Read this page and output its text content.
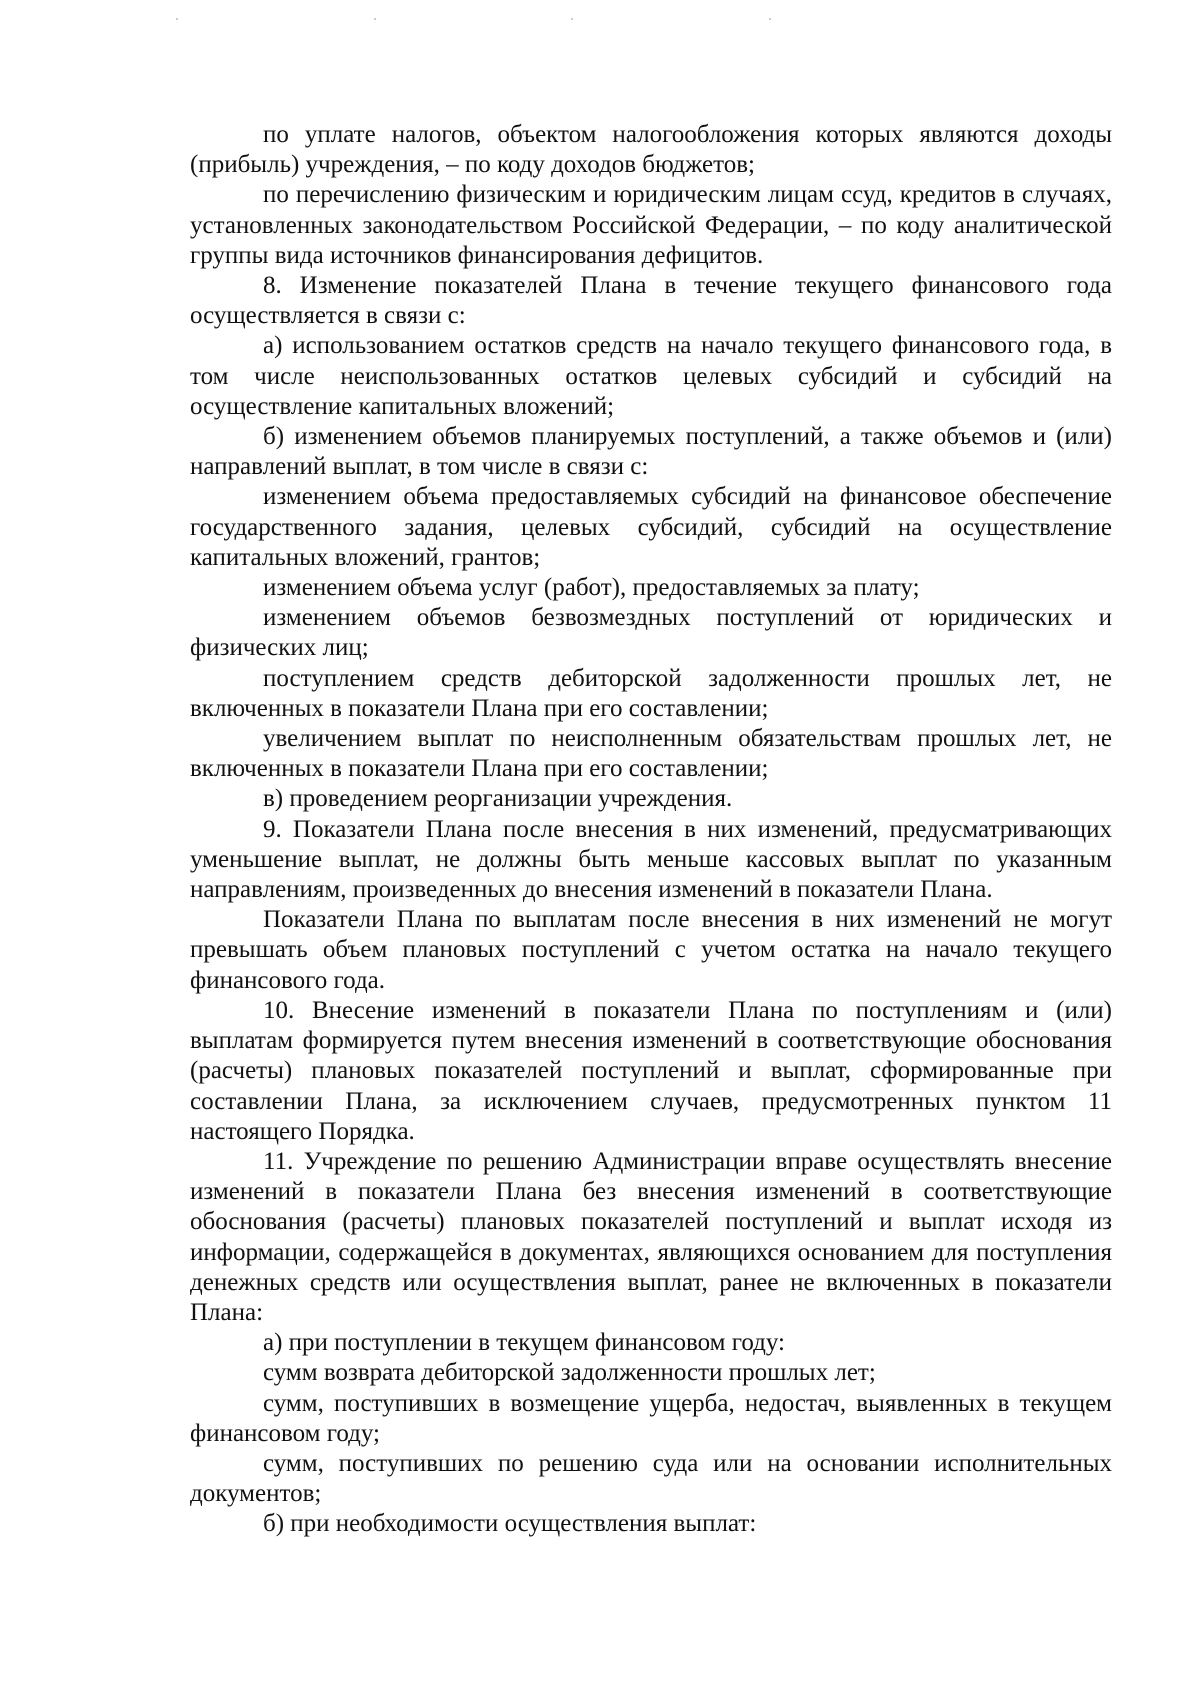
по уплате налогов, объектом налогообложения которых являются доходы (прибыль) учреждения, – по коду доходов бюджетов;

по перечислению физическим и юридическим лицам ссуд, кредитов в случаях, установленных законодательством Российской Федерации, – по коду аналитической группы вида источников финансирования дефицитов.

8. Изменение показателей Плана в течение текущего финансового года осуществляется в связи с:

а) использованием остатков средств на начало текущего финансового года, в том числе неиспользованных остатков целевых субсидий и субсидий на осуществление капитальных вложений;

б) изменением объемов планируемых поступлений, а также объемов и (или) направлений выплат, в том числе в связи с:

изменением объема предоставляемых субсидий на финансовое обеспечение государственного задания, целевых субсидий, субсидий на осуществление капитальных вложений, грантов;

изменением объема услуг (работ), предоставляемых за плату;

изменением объемов безвозмездных поступлений от юридических и физических лиц;

поступлением средств дебиторской задолженности прошлых лет, не включенных в показатели Плана при его составлении;

увеличением выплат по неисполненным обязательствам прошлых лет, не включенных в показатели Плана при его составлении;

в) проведением реорганизации учреждения.

9. Показатели Плана после внесения в них изменений, предусматривающих уменьшение выплат, не должны быть меньше кассовых выплат по указанным направлениям, произведенных до внесения изменений в показатели Плана.

Показатели Плана по выплатам после внесения в них изменений не могут превышать объем плановых поступлений с учетом остатка на начало текущего финансового года.

10. Внесение изменений в показатели Плана по поступлениям и (или) выплатам формируется путем внесения изменений в соответствующие обоснования (расчеты) плановых показателей поступлений и выплат, сформированные при составлении Плана, за исключением случаев, предусмотренных пунктом 11 настоящего Порядка.

11. Учреждение по решению Администрации вправе осуществлять внесение изменений в показатели Плана без внесения изменений в соответствующие обоснования (расчеты) плановых показателей поступлений и выплат исходя из информации, содержащейся в документах, являющихся основанием для поступления денежных средств или осуществления выплат, ранее не включенных в показатели Плана:

а) при поступлении в текущем финансовом году:

сумм возврата дебиторской задолженности прошлых лет;

сумм, поступивших в возмещение ущерба, недостач, выявленных в текущем финансовом году;

сумм, поступивших по решению суда или на основании исполнительных документов;

б) при необходимости осуществления выплат:
